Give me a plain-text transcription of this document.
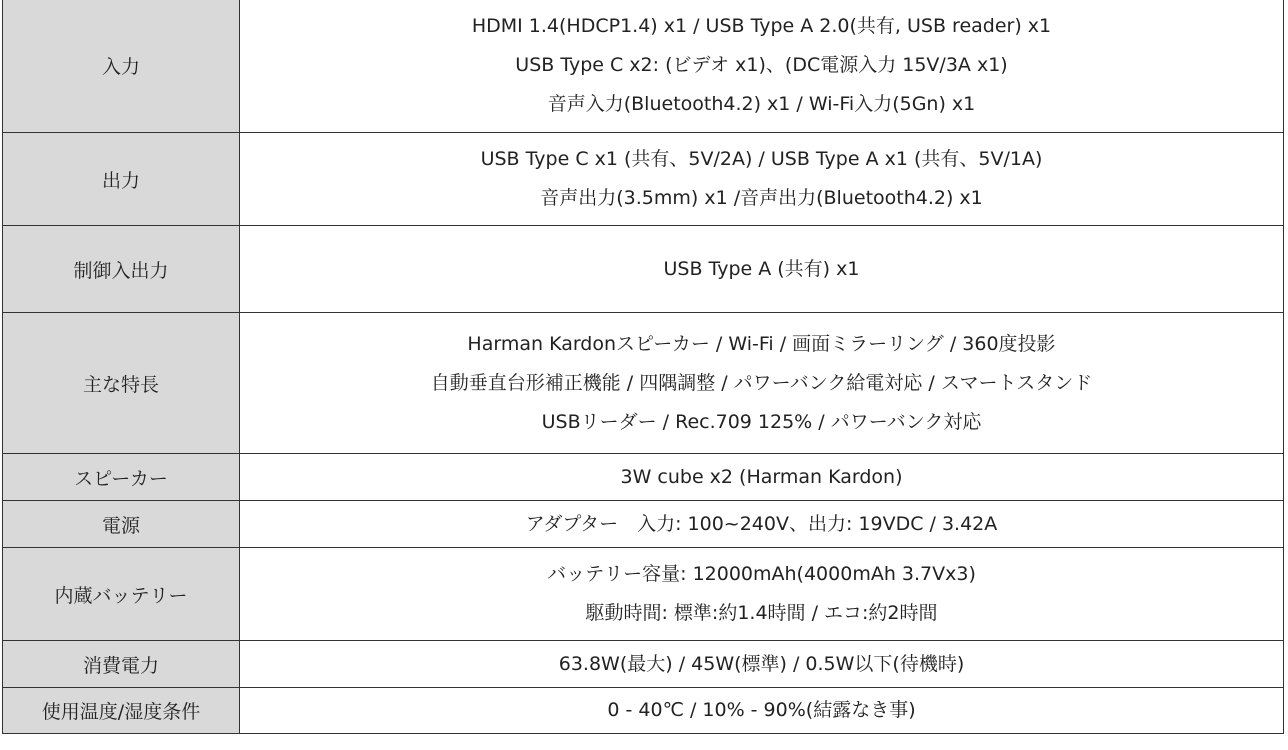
入力	HDMI 1.4(HDCP1.4) x1 / USB Type A 2.0(共有, USB reader) x1
USB Type C x2: (ビデオ x1)、(DC電源入力 15V/3A x1)
音声入力(Bluetooth4.2) x1 / Wi-Fi入力(5Gn) x1

出力	USB Type C x1 (共有、5V/2A) / USB Type A x1 (共有、5V/1A)
音声出力(3.5mm) x1 /音声出力(Bluetooth4.2) x1

制御入出力	USB Type A (共有) x1

主な特長	Harman Kardonスピーカー / Wi-Fi / 画面ミラーリング / 360度投影
自動垂直台形補正機能 / 四隅調整 / パワーバンク給電対応 / スマートスタンド
USBリーダー / Rec.709 125% / パワーバンク対応

スピーカー	3W cube x2 (Harman Kardon)

電源	アダプター　入力: 100~240V、出力: 19VDC / 3.42A

内蔵バッテリー	バッテリー容量: 12000mAh(4000mAh 3.7Vx3)
駆動時間: 標準:約1.4時間 / エコ:約2時間

消費電力	63.8W(最大) / 45W(標準) / 0.5W以下(待機時)

使用温度/湿度条件	0 - 40℃ / 10% - 90%(結露なき事)
